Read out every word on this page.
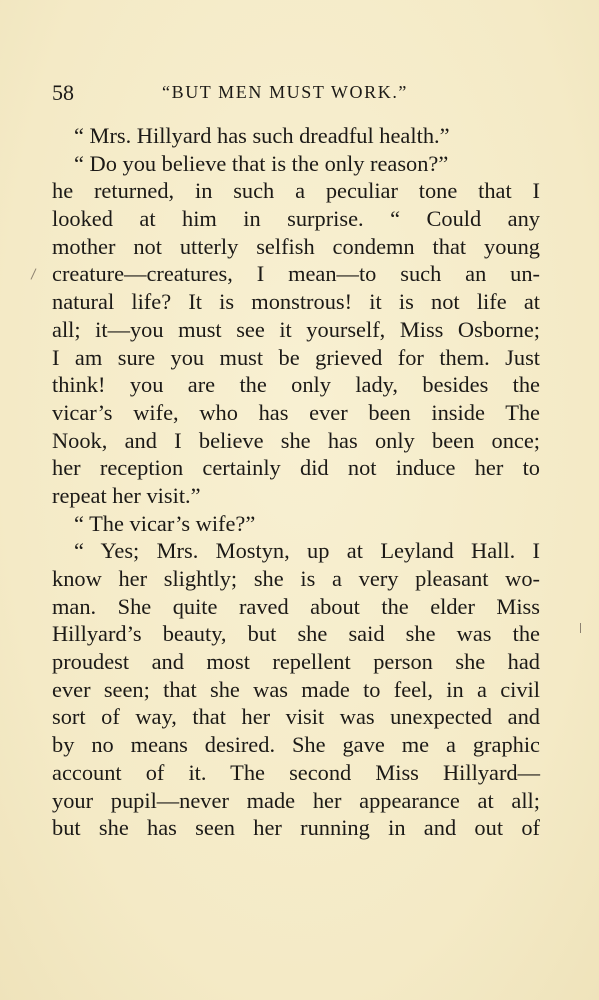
58	“BUT MEN MUST WORK.”
“ Mrs. Hillyard has such dreadful health.”
“ Do you believe that is the only reason?”
he returned, in such a peculiar tone that I
looked at him in surprise. “ Could any
mother not utterly selfish condemn that young
creature—creatures, I mean—to such an un-
natural life? It is monstrous! it is not life at
all; it—you must see it yourself, Miss Osborne;
I am sure you must be grieved for them. Just
think! you are the only lady, besides the
vicar’s wife, who has ever been inside The
Nook, and I believe she has only been once;
her reception certainly did not induce her to
repeat her visit.”
“ The vicar’s wife?”
“ Yes; Mrs. Mostyn, up at Leyland Hall. I
know her slightly; she is a very pleasant wo-
man. She quite raved about the elder Miss
Hillyard’s beauty, but she said she was the
proudest and most repellent person she had
ever seen; that she was made to feel, in a civil
sort of way, that her visit was unexpected and
by no means desired. She gave me a graphic
account of it. The second Miss Hillyard—
your pupil—never made her appearance at all;
but she has seen her running in and out of
